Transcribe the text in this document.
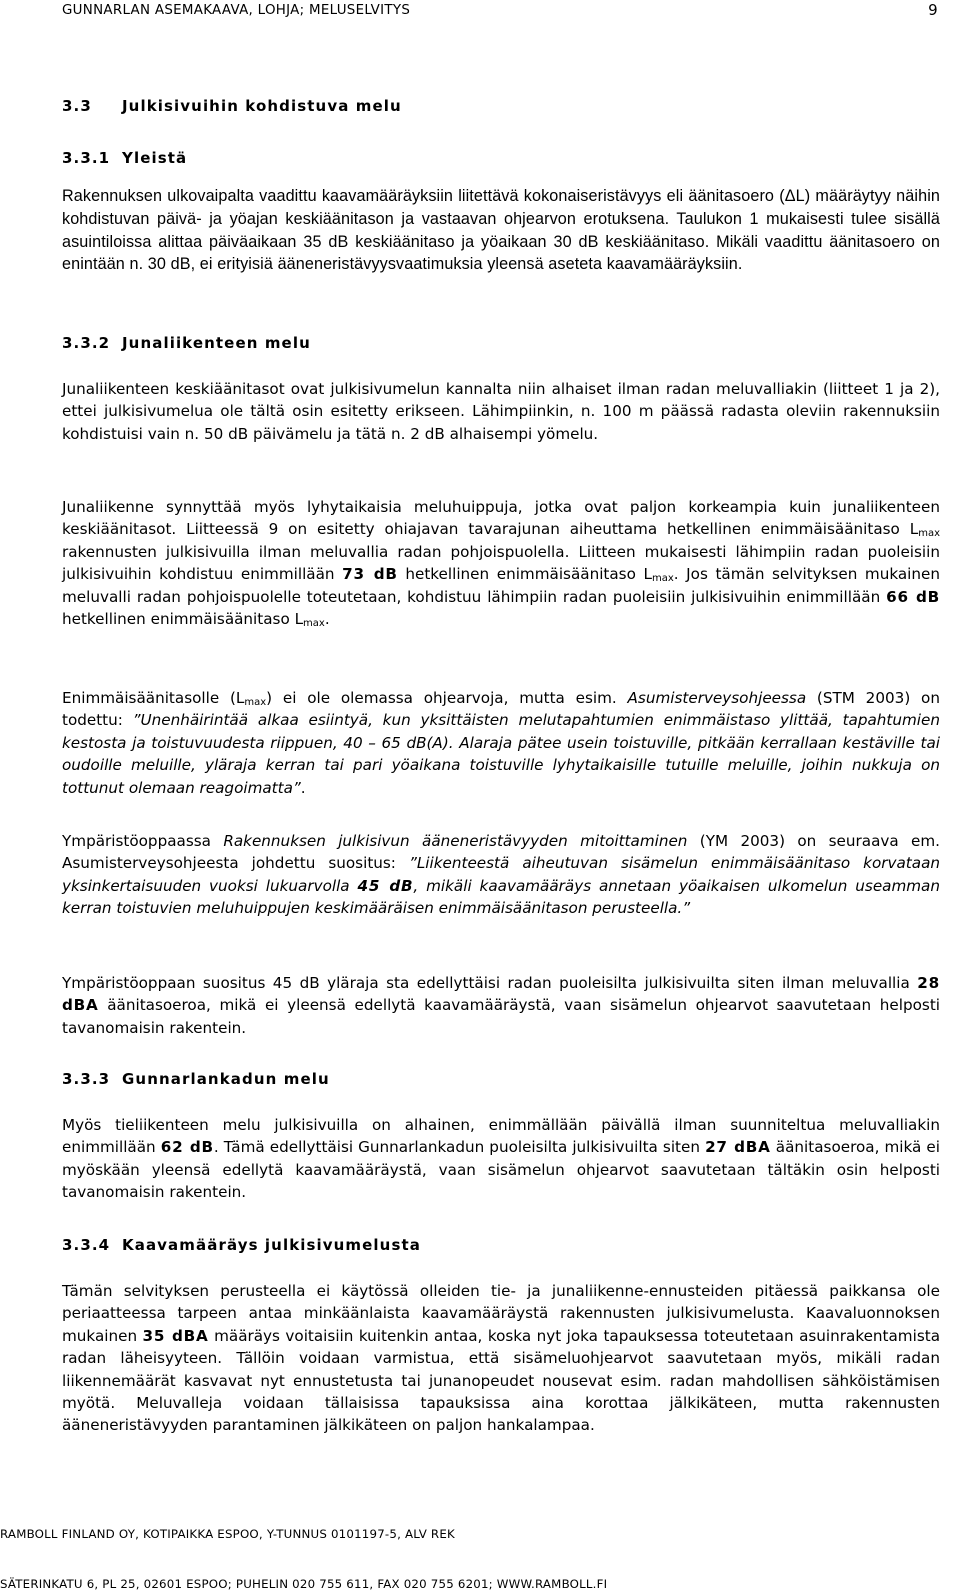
GUNNARLAN ASEMAKAAVA, LOHJA; MELUSELVITYS	9
3.3 Julkisivuihin kohdistuva melu
3.3.1 Yleistä
Rakennuksen ulkovaipalta vaadittu kaavamääräyksiin liitettävä kokonaiseristävyys eli äänitasoero (ΔL) määräytyy näihin kohdistuvan päivä- ja yöajan keskiäänitason ja vastaavan ohjearvon erotuksena. Taulukon 1 mukaisesti tulee sisällä asuintiloissa alittaa päiväaikaan 35 dB keskiäänitaso ja yöaikaan 30 dB keskiäänitaso. Mikäli vaadittu äänitasoero on enintään n. 30 dB, ei erityisiä ääneneristävyysvaatimuksia yleensä aseteta kaavamääräyksiin.
3.3.2 Junaliikenteen melu
Junaliikenteen keskiäänitasot ovat julkisivumelun kannalta niin alhaiset ilman radan meluvalliakin (liitteet 1 ja 2), ettei julkisivumelua ole tältä osin esitetty erikseen. Lähimpiinkin, n. 100 m päässä radasta oleviin rakennuksiin kohdistuisi vain n. 50 dB päivämelu ja tätä n. 2 dB alhaisempi yömelu.
Junaliikenne synnyttää myös lyhytaikaisia meluhuippuja, jotka ovat paljon korkeampia kuin junaliikenteen keskiäänitasot. Liitteessä 9 on esitetty ohiajavan tavarajunan aiheuttama hetkellinen enimmäisäänitaso $L_{max}$ rakennusten julkisivuilla ilman meluvallia radan pohjoispuolella. Liitteen mukaisesti lähimpiin radan puoleisiin julkisivuihin kohdistuu enimmillään 73 dB hetkellinen enimmäisäänitaso $L_{max}$. Jos tämän selvityksen mukainen meluvalli radan pohjoispuolelle toteutetaan, kohdistuu lähimpiin radan puoleisiin julkisivuihin enimmillään 66 dB hetkellinen enimmäisäänitaso $L_{max}$.
Enimmäisäänitasolle $(L_{max})$ ei ole olemassa ohjearvoja, mutta esim. Asumisterveysohjeessa (STM 2003) on todettu: ”Unenhäirintää alkaa esiintyä, kun yksittäisten melutapahtumien enimmäistaso ylittää, tapahtumien kestosta ja toistuvuudesta riippuen, 40 – 65 dB(A). Alaraja pätee usein toistuville, pitkään kerrallaan kestäville tai oudoille meluille, yläraja kerran tai pari yöaikana toistuville lyhytaikaisille tutuille meluille, joihin nukkuja on tottunut olemaan reagoimatta”.
Ympäristöoppaassa Rakennuksen julkisivun ääneneristävyyden mitoittaminen (YM 2003) on seuraava em. Asumisterveysohjeesta johdettu suositus: ”Liikenteestä aiheutuvan sisämelun enimmäisäänitaso korvataan yksinkertaisuuden vuoksi lukuarvolla 45 dB, mikäli kaavamääräys annetaan yöaikaisen ulkomelun useamman kerran toistuvien meluhuippujen keskimääräisen enimmäisäänitason perusteella.”
Ympäristöoppaan suositus 45 dB yläraja sta edellyttäisi radan puoleisilta julkisivuilta siten ilman meluvallia 28 dBA äänitasoeroa, mikä ei yleensä edellytä kaavamääräystä, vaan sisämelun ohjearvot saavutetaan helposti tavanomaisin rakentein.
3.3.3 Gunnarlankadun melu
Myös tieliikenteen melu julkisivuilla on alhainen, enimmällään päivällä ilman suunniteltua meluvalliakin enimmillään 62 dB. Tämä edellyttäisi Gunnarlankadun puoleisilta julkisivuilta siten 27 dBA äänitasoeroa, mikä ei myöskään yleensä edellytä kaavamääräystä, vaan sisämelun ohjearvot saavutetaan tältäkin osin helposti tavanomaisin rakentein.
3.3.4 Kaavamääräys julkisivumelusta
Tämän selvityksen perusteella ei käytössä olleiden tie- ja junaliikenne-ennusteiden pitäessä paikkansa ole periaatteessa tarpeen antaa minkäänlaista kaavamääräystä rakennusten julkisivumelusta. Kaavaluonnoksen mukainen 35 dBA määräys voitaisiin kuitenkin antaa, koska nyt joka tapauksessa toteutetaan asuinrakentamista radan läheisyyteen. Tällöin voidaan varmistua, että sisämeluohjearvot saavutetaan myös, mikäli radan liikennemäärät kasvavat nyt ennustetusta tai junanopeudet nousevat esim. radan mahdollisen sähköistämisen myötä. Meluvalleja voidaan tällaisissa tapauksissa aina korottaa jälkikäteen, mutta rakennusten ääneneristävyyden parantaminen jälkikäteen on paljon hankalampaa.
RAMBOLL FINLAND OY, KOTIPAIKKA ESPOO, Y-TUNNUS 0101197-5, ALV REK
SÄTERINKATU 6, PL 25, 02601 ESPOO; PUHELIN 020 755 611, FAX 020 755 6201; WWW.RAMBOLL.FI
